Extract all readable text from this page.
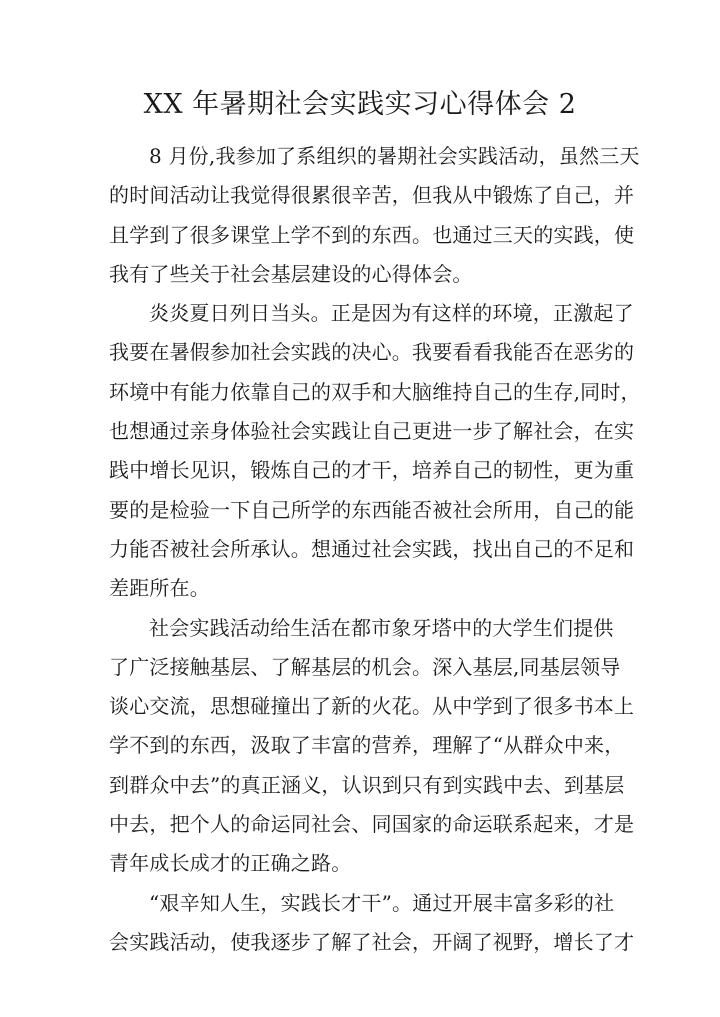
XX 年暑期社会实践实习心得体会 2
8 月份,我参加了系组织的暑期社会实践活动，虽然三天
的时间活动让我觉得很累很辛苦，但我从中锻炼了自己，并
且学到了很多课堂上学不到的东西。也通过三天的实践，使
我有了些关于社会基层建设的心得体会。
炎炎夏日列日当头。正是因为有这样的环境，正激起了
我要在暑假参加社会实践的决心。我要看看我能否在恶劣的
环境中有能力依靠自己的双手和大脑维持自己的生存,同时，
也想通过亲身体验社会实践让自己更进一步了解社会，在实
践中增长见识，锻炼自己的才干，培养自己的韧性，更为重
要的是检验一下自己所学的东西能否被社会所用，自己的能
力能否被社会所承认。想通过社会实践，找出自己的不足和
差距所在。
社会实践活动给生活在都市象牙塔中的大学生们提供
了广泛接触基层、了解基层的机会。深入基层,同基层领导
谈心交流，思想碰撞出了新的火花。从中学到了很多书本上
学不到的东西，汲取了丰富的营养，理解了“从群众中来，
到群众中去”的真正涵义，认识到只有到实践中去、到基层
中去，把个人的命运同社会、同国家的命运联系起来，才是
青年成长成才的正确之路。
“艰辛知人生，实践长才干”。通过开展丰富多彩的社
会实践活动，使我逐步了解了社会，开阔了视野，增长了才
